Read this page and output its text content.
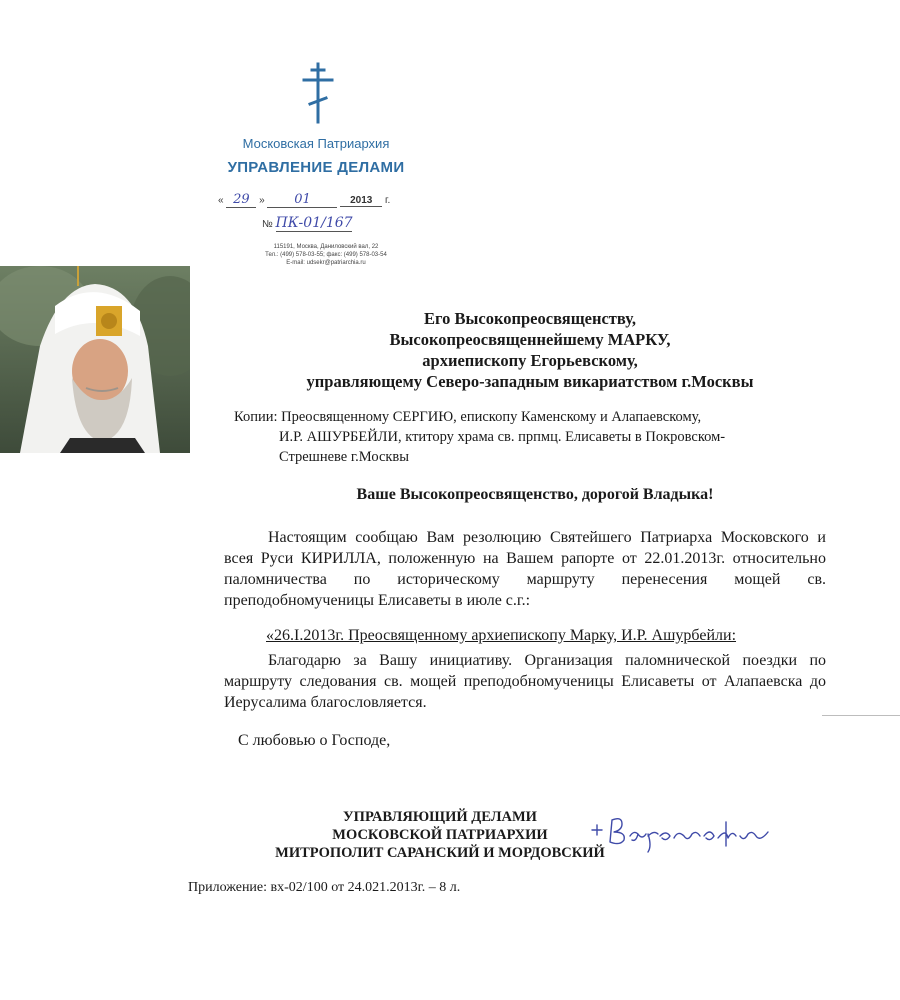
Московская Патриархия
УПРАВЛЕНИЕ ДЕЛАМИ
« 29 » 01	2013 г.
№ ПК-01/167
115191, Москва, Даниловский вал, 22
Тел.: (499) 578-03-55; факс: (499) 578-03-54
E-mail: udsekr@patriarchia.ru
Его Высокопреосвященству,
Высокопреосвященнейшему МАРКУ,
архиепископу Егорьевскому,
управляющему Северо-западным викариатством г.Москвы
Копии: Преосвященному СЕРГИЮ, епископу Каменскому и Алапаевскому,
И.Р. АШУРБЕЙЛИ, ктитору храма св. прпмц. Елисаветы в Покровском-
Стрешневе г.Москвы
Ваше Высокопреосвященство, дорогой Владыка!

Настоящим сообщаю Вам резолюцию Святейшего Патриарха Московского и всея Руси КИРИЛЛА, положенную на Вашем рапорте от 22.01.2013г. относительно паломничества по историческому маршруту перенесения мощей св. преподобномученицы Елисаветы в июле с.г.:

«26.I.2013г. Преосвященному архиепископу Марку, И.Р. Ашурбейли:

Благодарю за Вашу инициативу. Организация паломнической поездки по маршруту следования св. мощей преподобномученицы Елисаветы от Алапаевска до Иерусалима благословляется.

С любовью о Господе,
УПРАВЛЯЮЩИЙ ДЕЛАМИ
МОСКОВСКОЙ ПАТРИАРХИИ
МИТРОПОЛИТ САРАНСКИЙ И МОРДОВСКИЙ
Приложение: вх-02/100 от 24.021.2013г. – 8 л.
